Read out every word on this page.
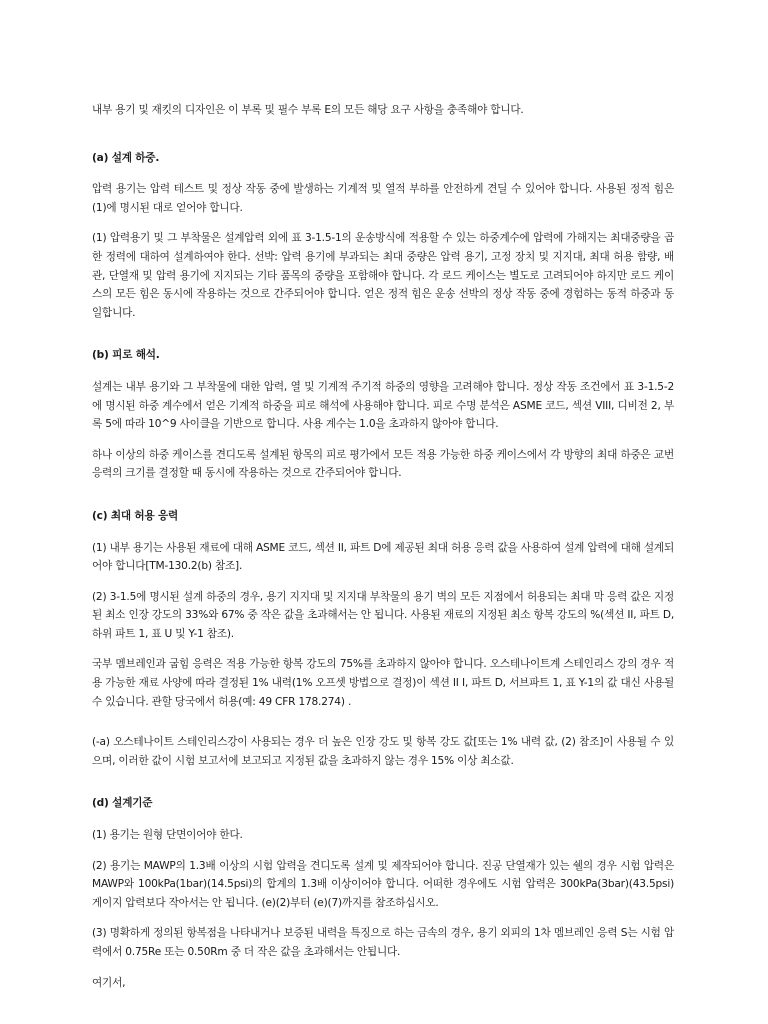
내부 용기 및 재킷의 디자인은 이 부록 및 필수 부록 E의 모든 해당 요구 사항을 충족해야 합니다.

(a) 설계 하중.

압력 용기는 압력 테스트 및 정상 작동 중에 발생하는 기계적 및 열적 부하를 안전하게 견딜 수 있어야 합니다. 사용된 정적 힘은 (1)에 명시된 대로 얻어야 합니다.

(1) 압력용기 및 그 부착물은 설계압력 외에 표 3-1.5-1의 운송방식에 적용할 수 있는 하중계수에 압력에 가해지는 최대중량을 곱한 정력에 대하여 설계하여야 한다. 선박: 압력 용기에 부과되는 최대 중량은 압력 용기, 고정 장치 및 지지대, 최대 허용 함량, 배관, 단열재 및 압력 용기에 지지되는 기타 품목의 중량을 포함해야 합니다. 각 로드 케이스는 별도로 고려되어야 하지만 로드 케이스의 모든 힘은 동시에 작용하는 것으로 간주되어야 합니다. 얻은 정적 힘은 운송 선박의 정상 작동 중에 경험하는 동적 하중과 동일합니다.

(b) 피로 해석.

설계는 내부 용기와 그 부착물에 대한 압력, 열 및 기계적 주기적 하중의 영향을 고려해야 합니다. 정상 작동 조건에서 표 3-1.5-2에 명시된 하중 계수에서 얻은 기계적 하중을 피로 해석에 사용해야 합니다. 피로 수명 분석은 ASME 코드, 섹션 VIII, 디비전 2, 부록 5에 따라 10^9 사이클을 기반으로 합니다. 사용 계수는 1.0을 초과하지 않아야 합니다.

하나 이상의 하중 케이스를 견디도록 설계된 항목의 피로 평가에서 모든 적용 가능한 하중 케이스에서 각 방향의 최대 하중은 교번 응력의 크기를 결정할 때 동시에 작용하는 것으로 간주되어야 합니다.

(c) 최대 허용 응력

(1) 내부 용기는 사용된 재료에 대해 ASME 코드, 섹션 II, 파트 D에 제공된 최대 허용 응력 값을 사용하여 설계 압력에 대해 설계되어야 합니다[TM-130.2(b) 참조].

(2) 3-1.5에 명시된 설계 하중의 경우, 용기 지지대 및 지지대 부착물의 용기 벽의 모든 지점에서 허용되는 최대 막 응력 값은 지정된 최소 인장 강도의 33%와 67% 중 작은 값을 초과해서는 안 됩니다. 사용된 재료의 지정된 최소 항복 강도의 %(섹션 II, 파트 D, 하위 파트 1, 표 U 및 Y-1 참조).

국부 멤브레인과 굽힘 응력은 적용 가능한 항복 강도의 75%를 초과하지 않아야 합니다. 오스테나이트계 스테인리스 강의 경우 적용 가능한 재료 사양에 따라 결정된 1% 내력(1% 오프셋 방법으로 결정)이 섹션 II I, 파트 D, 서브파트 1, 표 Y-1의 값 대신 사용될 수 있습니다. 관할 당국에서 허용(예: 49 CFR 178.274) .

(-a) 오스테나이트 스테인리스강이 사용되는 경우 더 높은 인장 강도 및 항복 강도 값[또는 1% 내력 값, (2) 참조]이 사용될 수 있으며, 이러한 값이 시험 보고서에 보고되고 지정된 값을 초과하지 않는 경우 15% 이상 최소값.

(d) 설계기준

(1) 용기는 원형 단면이어야 한다.

(2) 용기는 MAWP의 1.3배 이상의 시험 압력을 견디도록 설계 및 제작되어야 합니다. 진공 단열재가 있는 쉘의 경우 시험 압력은 MAWP와 100kPa(1bar)(14.5psi)의 합계의 1.3배 이상이어야 합니다. 어떠한 경우에도 시험 압력은 300kPa(3bar)(43.5psi) 게이지 압력보다 작아서는 안 됩니다. (e)(2)부터 (e)(7)까지를 참조하십시오.

(3) 명확하게 정의된 항복점을 나타내거나 보증된 내력을 특징으로 하는 금속의 경우, 용기 외피의 1차 멤브레인 응력 S는 시험 압력에서 0.75Re 또는 0.50Rm 중 더 작은 값을 초과해서는 안됩니다.

여기서,
